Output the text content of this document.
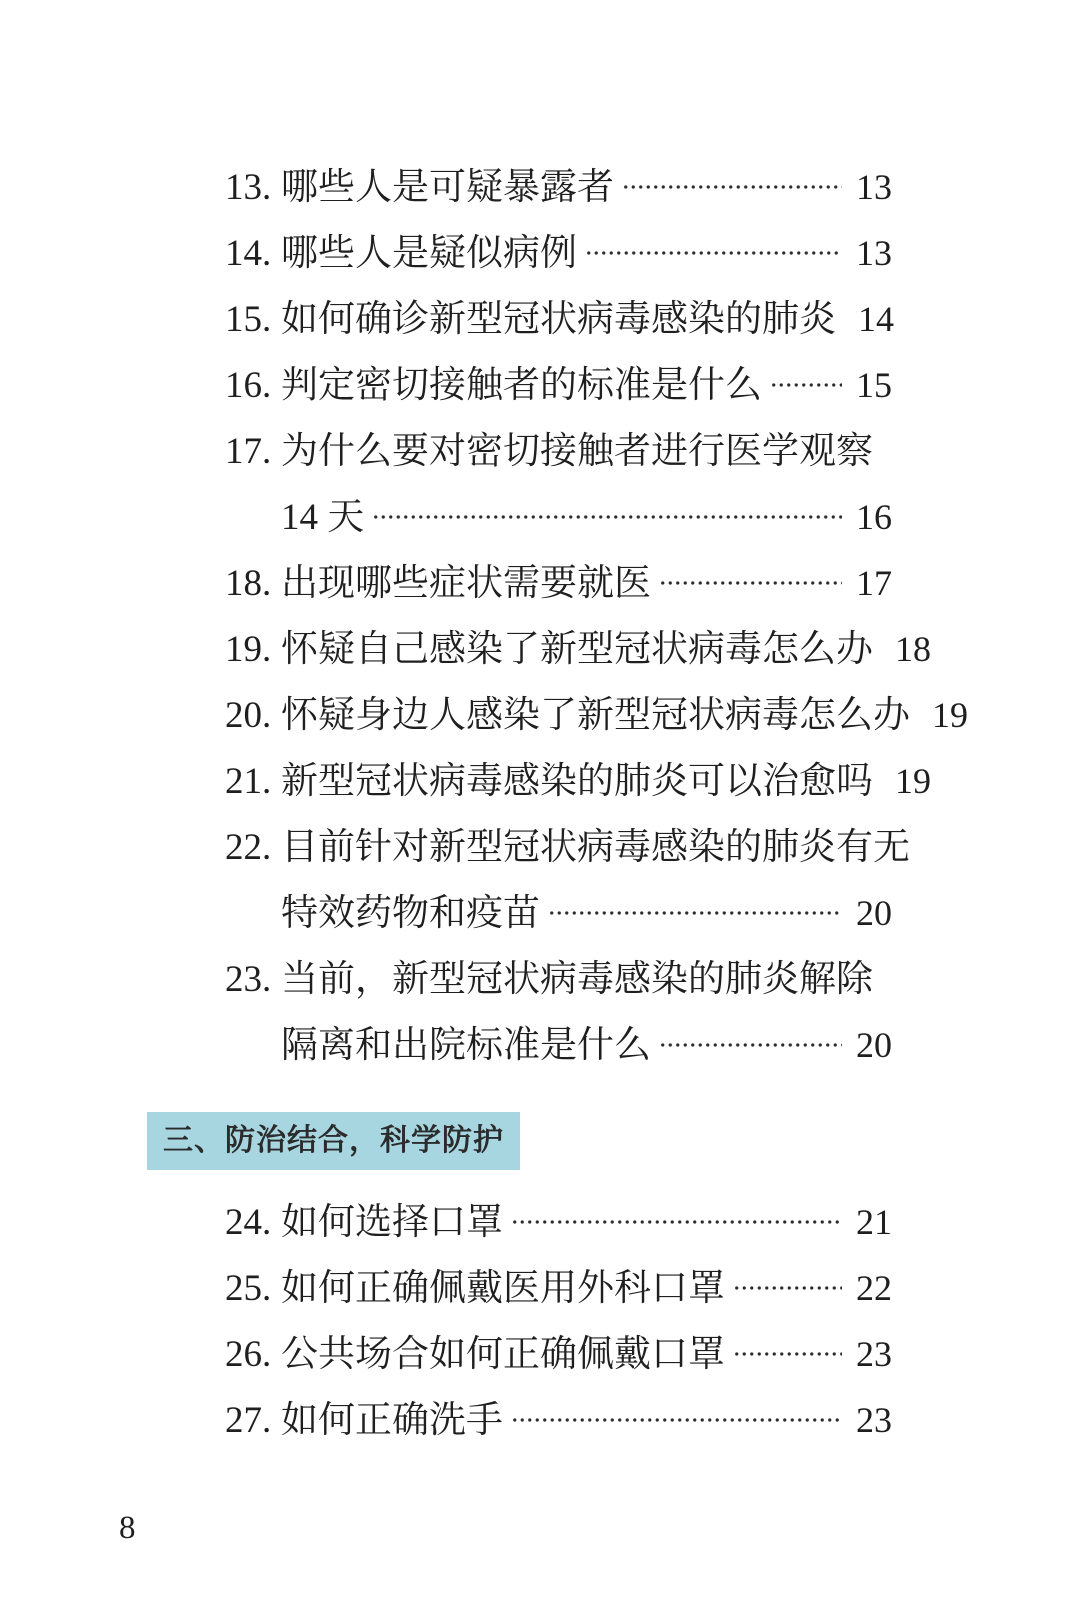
13. 哪些人是可疑暴露者	13
14. 哪些人是疑似病例	13
15. 如何确诊新型冠状病毒感染的肺炎 14
16. 判定密切接触者的标准是什么	15
17. 为什么要对密切接触者进行医学观察
14 天	16
18. 出现哪些症状需要就医	17
19. 怀疑自己感染了新型冠状病毒怎么办 18
20. 怀疑身边人感染了新型冠状病毒怎么办 19
21. 新型冠状病毒感染的肺炎可以治愈吗 19
22. 目前针对新型冠状病毒感染的肺炎有无
特效药物和疫苗	20
23. 当前，新型冠状病毒感染的肺炎解除
隔离和出院标准是什么	20
三、防治结合，科学防护
24. 如何选择口罩	21
25. 如何正确佩戴医用外科口罩	22
26. 公共场合如何正确佩戴口罩	23
27. 如何正确洗手	23
8
